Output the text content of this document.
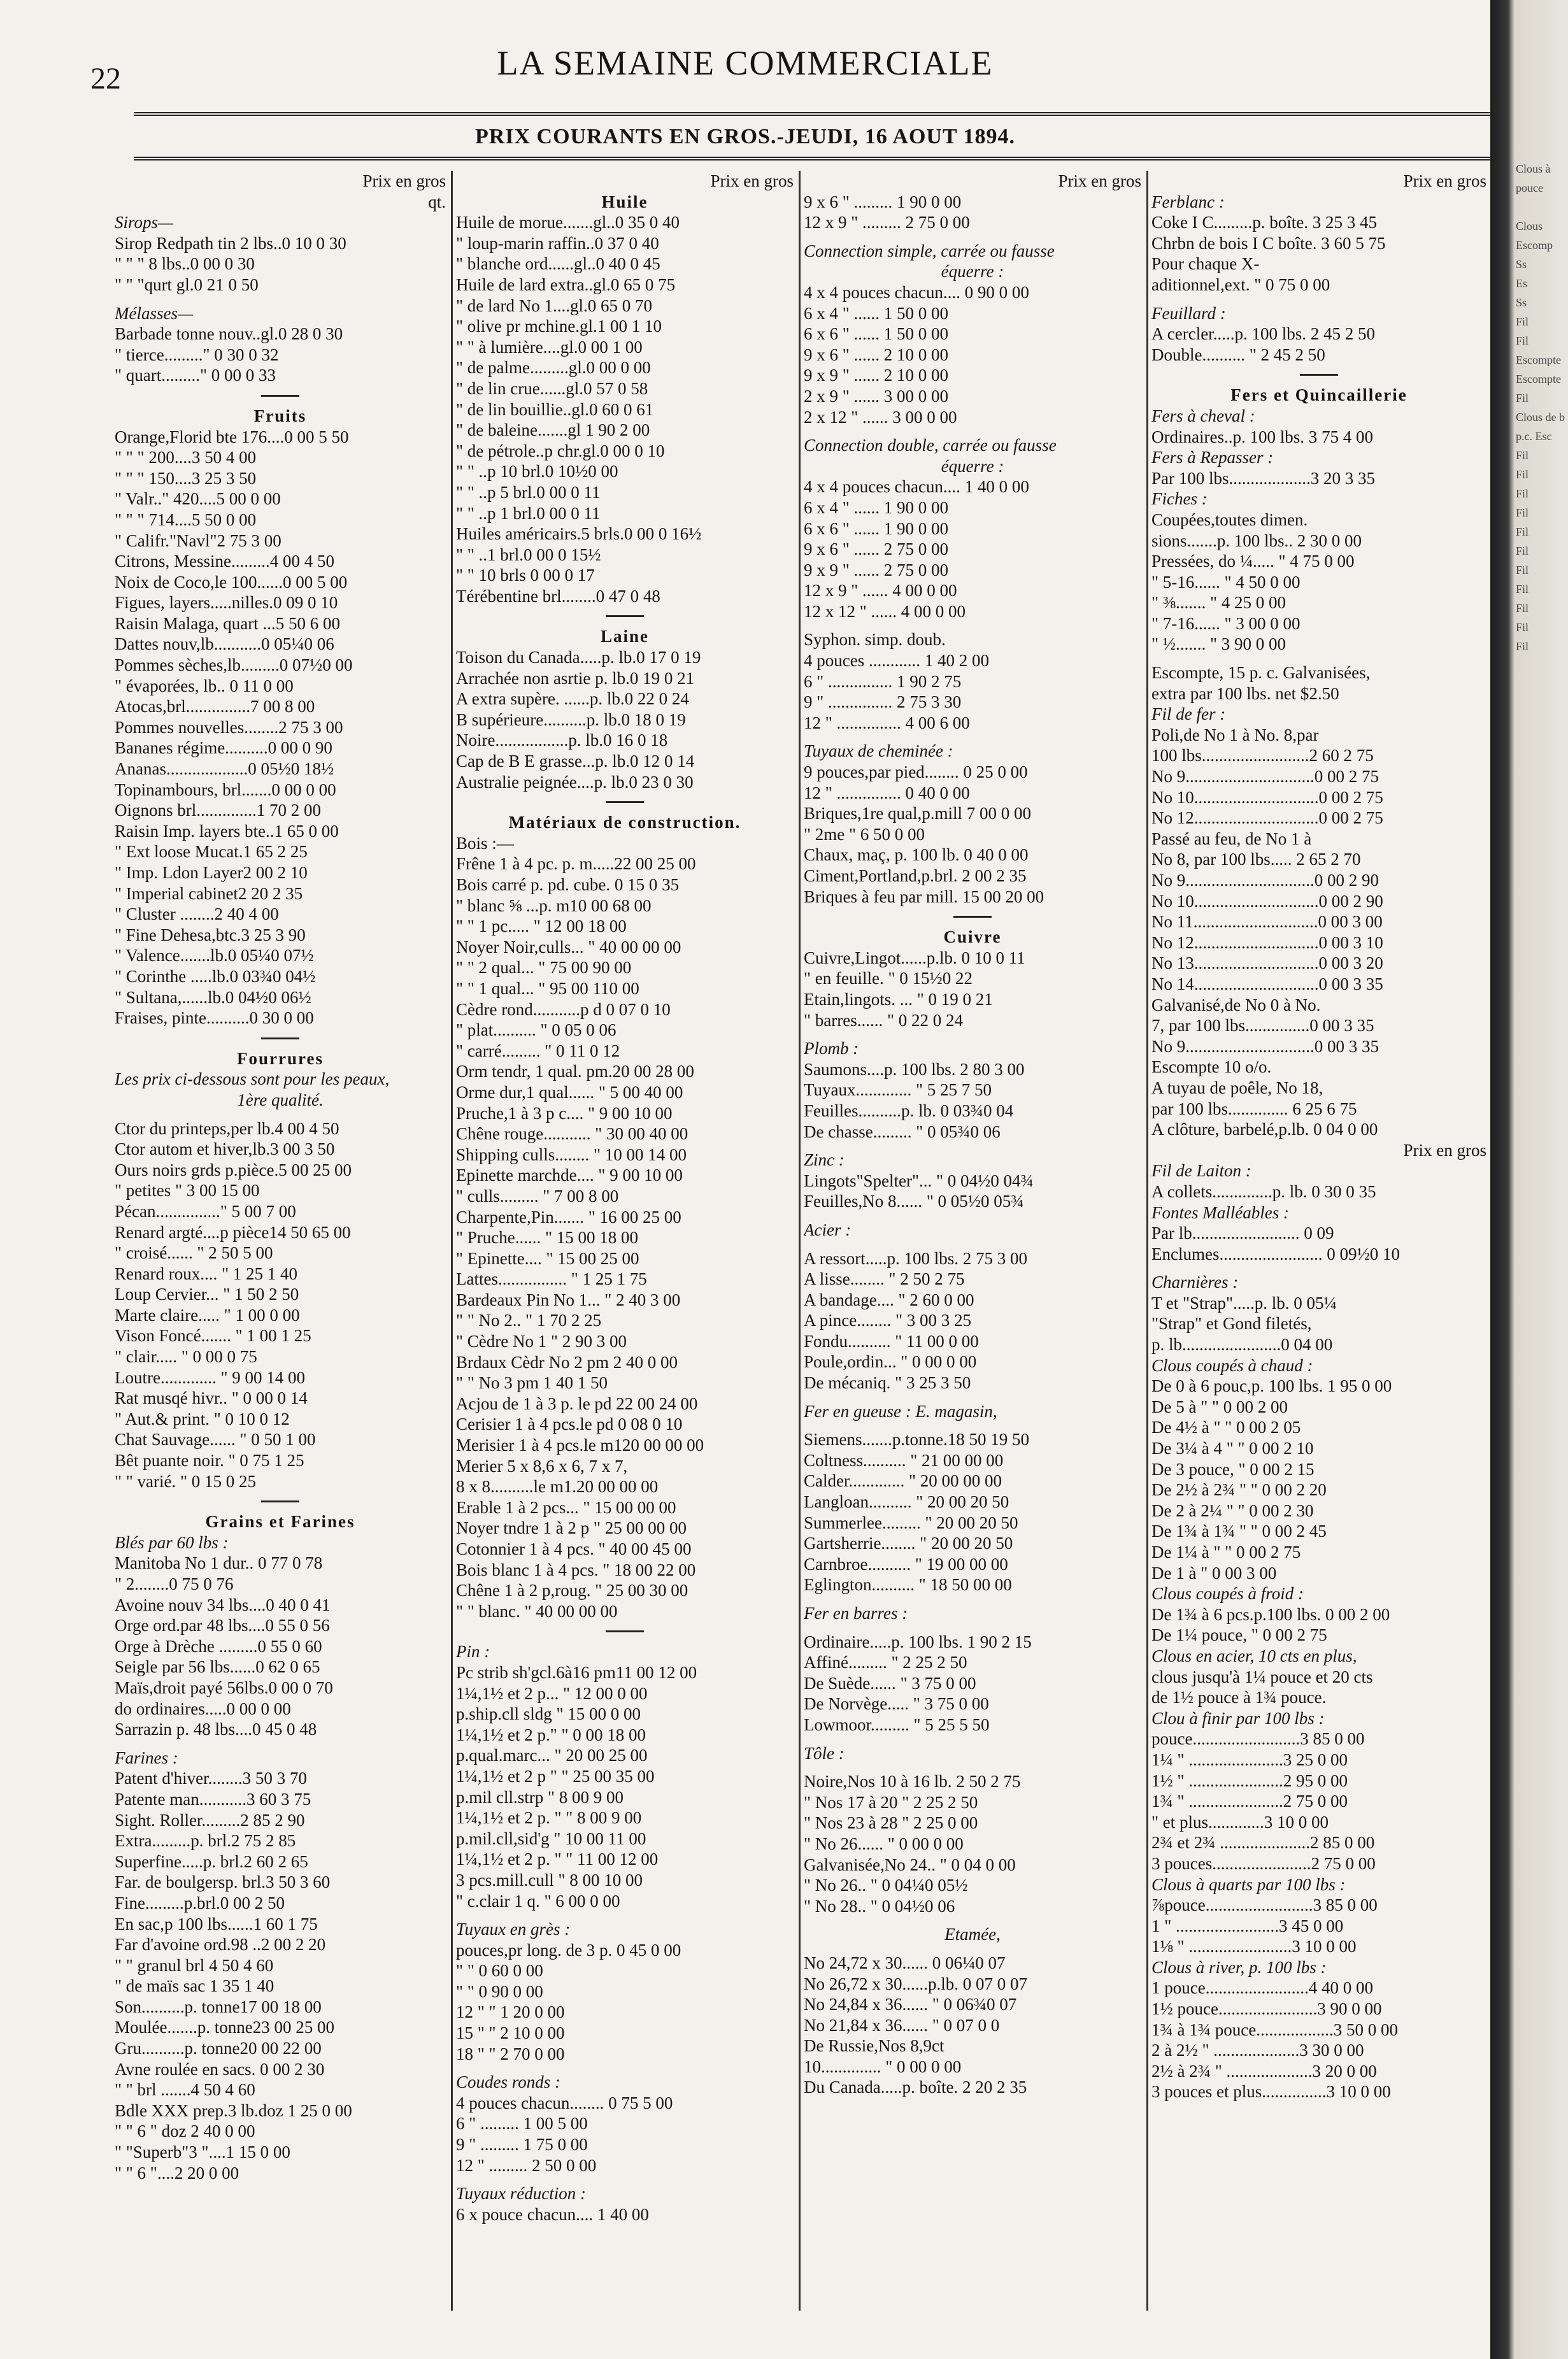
22	LA SEMAINE COMMERCIALE
PRIX COURANTS EN GROS.-JEUDI, 16 AOUT 1894.
Prix en gros
qt.
Sirops—
Sirop Redpath tin 2 lbs..0 10 0 30
" " " 8 lbs..0 00 0 30
" " "qurt gl.0 21 0 50
Mélasses—
Barbade tonne nouv..gl.0 28 0 30
" tierce........." 0 30 0 32
" quart........." 0 00 0 33
Fruits
Orange,Florid bte 176....0 00 5 50
" " " 200....3 50 4 00
" " " 150....3 25 3 50
" Valr.." 420....5 00 0 00
" " " 714....5 50 0 00
" Califr."Navl"2 75 3 00
Citrons, Messine.........4 00 4 50
Noix de Coco,le 100......0 00 5 00
Figues, layers.....nilles.0 09 0 10
Raisin Malaga, quart ...5 50 6 00
Dattes nouv,lb...........0 05¼0 06
Pommes sèches,lb.........0 07½0 00
" évaporées, lb.. 0 11 0 00
Atocas,brl...............7 00 8 00
Pommes nouvelles........2 75 3 00
Bananes régime..........0 00 0 90
Ananas...................0 05½0 18½
Topinambours, brl.......0 00 0 00
Oignons brl..............1 70 2 00
Raisin Imp. layers bte..1 65 0 00
" Ext loose Mucat.1 65 2 25
" Imp. Ldon Layer2 00 2 10
" Imperial cabinet2 20 2 35
" Cluster ........2 40 4 00
" Fine Dehesa,btc.3 25 3 90
" Valence.......lb.0 05¼0 07½
" Corinthe .....lb.0 03¾0 04½
" Sultana,......lb.0 04½0 06½
Fraises, pinte..........0 30 0 00
Fourrures
Les prix ci-dessous sont pour les peaux,
1ère qualité.
Ctor du printeps,per lb.4 00 4 50
Ctor autom et hiver,lb.3 00 3 50
Ours noirs grds p.pièce.5 00 25 00
" petites " 3 00 15 00
Pécan..............." 5 00 7 00
Renard argté....p pièce14 50 65 00
" croisé...... " 2 50 5 00
Renard roux.... " 1 25 1 40
Loup Cervier... " 1 50 2 50
Marte claire..... " 1 00 0 00
Vison Foncé....... " 1 00 1 25
" clair..... " 0 00 0 75
Loutre............. " 9 00 14 00
Rat musqé hivr.. " 0 00 0 14
" Aut.& print. " 0 10 0 12
Chat Sauvage...... " 0 50 1 00
Bêt puante noir. " 0 75 1 25
" " varié. " 0 15 0 25
Grains et Farines
Blés par 60 lbs :
Manitoba No 1 dur.. 0 77 0 78
" 2........0 75 0 76
Avoine nouv 34 lbs....0 40 0 41
Orge ord.par 48 lbs....0 55 0 56
Orge à Drèche .........0 55 0 60
Seigle par 56 lbs......0 62 0 65
Maïs,droit payé 56lbs.0 00 0 70
do ordinaires.....0 00 0 00
Sarrazin p. 48 lbs....0 45 0 48
Farines :
Patent d'hiver........3 50 3 70
Patente man...........3 60 3 75
Sight. Roller.........2 85 2 90
Extra.........p. brl.2 75 2 85
Superfine.....p. brl.2 60 2 65
Far. de boulgersp. brl.3 50 3 60
Fine.........p.brl.0 00 2 50
En sac,p 100 lbs......1 60 1 75
Far d'avoine ord.98 ..2 00 2 20
" " granul brl 4 50 4 60
" de maïs sac 1 35 1 40
Son..........p. tonne17 00 18 00
Moulée.......p. tonne23 00 25 00
Gru..........p. tonne20 00 22 00
Avne roulée en sacs. 0 00 2 30
" " brl .......4 50 4 60
Bdle XXX prep.3 lb.doz 1 25 0 00
" " 6 " doz 2 40 0 00
" "Superb"3 "....1 15 0 00
" " 6 "....2 20 0 00
Prix en gros
Huile
Huile de morue.......gl..0 35 0 40
" loup-marin raffin..0 37 0 40
" blanche ord......gl..0 40 0 45
Huile de lard extra..gl.0 65 0 75
" de lard No 1....gl.0 65 0 70
" olive pr mchine.gl.1 00 1 10
" " à lumière....gl.0 00 1 00
" de palme.........gl.0 00 0 00
" de lin crue......gl.0 57 0 58
" de lin bouillie..gl.0 60 0 61
" de baleine.......gl 1 90 2 00
" de pétrole..p chr.gl.0 00 0 10
" " ..p 10 brl.0 10½0 00
" " ..p 5 brl.0 00 0 11
" " ..p 1 brl.0 00 0 11
Huiles américairs.5 brls.0 00 0 16½
" " ..1 brl.0 00 0 15½
" " 10 brls 0 00 0 17
Térébentine brl........0 47 0 48
Laine
Toison du Canada.....p. lb.0 17 0 19
Arrachée non asrtie p. lb.0 19 0 21
A extra supère. ......p. lb.0 22 0 24
B supérieure..........p. lb.0 18 0 19
Noire.................p. lb.0 16 0 18
Cap de B E grasse...p. lb.0 12 0 14
Australie peignée....p. lb.0 23 0 30
Matériaux de construction.
Bois :—
Frêne 1 à 4 pc. p. m.....22 00 25 00
Bois carré p. pd. cube. 0 15 0 35
" blanc ⅝ ...p. m10 00 68 00
" " 1 pc..... " 12 00 18 00
Noyer Noir,culls... " 40 00 00 00
" " 2 qual... " 75 00 90 00
" " 1 qual... " 95 00 110 00
Cèdre rond...........p d 0 07 0 10
" plat.......... " 0 05 0 06
" carré......... " 0 11 0 12
Orm tendr, 1 qual. pm.20 00 28 00
Orme dur,1 qual...... " 5 00 40 00
Pruche,1 à 3 p c.... " 9 00 10 00
Chêne rouge........... " 30 00 40 00
Shipping culls........ " 10 00 14 00
Epinette marchde.... " 9 00 10 00
" culls......... " 7 00 8 00
Charpente,Pin....... " 16 00 25 00
" Pruche...... " 15 00 18 00
" Epinette.... " 15 00 25 00
Lattes................ " 1 25 1 75
Bardeaux Pin No 1... " 2 40 3 00
" " No 2.. " 1 70 2 25
" Cèdre No 1 " 2 90 3 00
Brdaux Cèdr No 2 pm 2 40 0 00
" " No 3 pm 1 40 1 50
Acjou de 1 à 3 p. le pd 22 00 24 00
Cerisier 1 à 4 pcs.le pd 0 08 0 10
Merisier 1 à 4 pcs.le m120 00 00 00
Merier 5 x 8,6 x 6, 7 x 7,
8 x 8..........le m1.20 00 00 00
Erable 1 à 2 pcs... " 15 00 00 00
Noyer tndre 1 à 2 p " 25 00 00 00
Cotonnier 1 à 4 pcs. " 40 00 45 00
Bois blanc 1 à 4 pcs. " 18 00 22 00
Chêne 1 à 2 p,roug. " 25 00 30 00
" " blanc. " 40 00 00 00
Pin :
Pc strib sh'gcl.6à16 pm11 00 12 00
1¼,1½ et 2 p... " 12 00 0 00
p.ship.cll sldg " 15 00 0 00
1¼,1½ et 2 p." " 0 00 18 00
p.qual.marc... " 20 00 25 00
1¼,1½ et 2 p " " 25 00 35 00
p.mil cll.strp " 8 00 9 00
1¼,1½ et 2 p. " " 8 00 9 00
p.mil.cll,sid'g " 10 00 11 00
1¼,1½ et 2 p. " " 11 00 12 00
3 pcs.mill.cull " 8 00 10 00
" c.clair 1 q. " 6 00 0 00
Tuyaux en grès :
pouces,pr long. de 3 p. 0 45 0 00
" " 0 60 0 00
" " 0 90 0 00
12 " " 1 20 0 00
15 " " 2 10 0 00
18 " " 2 70 0 00
Coudes ronds :
4 pouces chacun........ 0 75 5 00
6 " ......... 1 00 5 00
9 " ......... 1 75 0 00
12 " ......... 2 50 0 00
Tuyaux réduction :
6 x pouce chacun.... 1 40 00
Prix en gros
9 x 6 " ......... 1 90 0 00
12 x 9 " ......... 2 75 0 00
Connection simple, carrée ou fausse
équerre :
4 x 4 pouces chacun.... 0 90 0 00
6 x 4 " ...... 1 50 0 00
6 x 6 " ...... 1 50 0 00
9 x 6 " ...... 2 10 0 00
9 x 9 " ...... 2 10 0 00
2 x 9 " ...... 3 00 0 00
2 x 12 " ...... 3 00 0 00
Connection double, carrée ou fausse
équerre :
4 x 4 pouces chacun.... 1 40 0 00
6 x 4 " ...... 1 90 0 00
6 x 6 " ...... 1 90 0 00
9 x 6 " ...... 2 75 0 00
9 x 9 " ...... 2 75 0 00
12 x 9 " ...... 4 00 0 00
12 x 12 " ...... 4 00 0 00
Syphon. simp. doub.
4 pouces ............ 1 40 2 00
6 " ............... 1 90 2 75
9 " ............... 2 75 3 30
12 " ............... 4 00 6 00
Tuyaux de cheminée :
9 pouces,par pied........ 0 25 0 00
12 " ............... 0 40 0 00
Briques,1re qual,p.mill 7 00 0 00
" 2me " 6 50 0 00
Chaux, maç, p. 100 lb. 0 40 0 00
Ciment,Portland,p.brl. 2 00 2 35
Briques à feu par mill. 15 00 20 00
Cuivre
Cuivre,Lingot......p.lb. 0 10 0 11
" en feuille. " 0 15½0 22
Etain,lingots. ... " 0 19 0 21
" barres...... " 0 22 0 24
Plomb :
Saumons....p. 100 lbs. 2 80 3 00
Tuyaux............. " 5 25 7 50
Feuilles..........p. lb. 0 03¾0 04
De chasse......... " 0 05¾0 06
Zinc :
Lingots"Spelter"... " 0 04½0 04¾
Feuilles,No 8...... " 0 05½0 05¾
Acier :
A ressort.....p. 100 lbs. 2 75 3 00
A lisse........ " 2 50 2 75
A bandage.... " 2 60 0 00
A pince........ " 3 00 3 25
Fondu.......... " 11 00 0 00
Poule,ordin... " 0 00 0 00
De mécaniq. " 3 25 3 50
Fer en gueuse : E. magasin,
Siemens.......p.tonne.18 50 19 50
Coltness.......... " 21 00 00 00
Calder............. " 20 00 00 00
Langloan.......... " 20 00 20 50
Summerlee......... " 20 00 20 50
Gartsherrie........ " 20 00 20 50
Carnbroe.......... " 19 00 00 00
Eglington.......... " 18 50 00 00
Fer en barres :
Ordinaire.....p. 100 lbs. 1 90 2 15
Affiné......... " 2 25 2 50
De Suède...... " 3 75 0 00
De Norvège..... " 3 75 0 00
Lowmoor......... " 5 25 5 50
Tôle :
Noire,Nos 10 à 16 lb. 2 50 2 75
" Nos 17 à 20 " 2 25 2 50
" Nos 23 à 28 " 2 25 0 00
" No 26...... " 0 00 0 00
Galvanisée,No 24.. " 0 04 0 00
" No 26.. " 0 04¼0 05½
" No 28.. " 0 04½0 06
Etamée,
No 24,72 x 30...... 0 06¼0 07
No 26,72 x 30......p.lb. 0 07 0 07
No 24,84 x 36...... " 0 06¾0 07
No 21,84 x 36...... " 0 07 0 0
De Russie,Nos 8,9ct
10.............. " 0 00 0 00
Du Canada.....p. boîte. 2 20 2 35
Prix en gros
Ferblanc :
Coke I C.........p. boîte. 3 25 3 45
Chrbn de bois I C boîte. 3 60 5 75
Pour chaque X-
aditionnel,ext. " 0 75 0 00
Feuillard :
A cercler.....p. 100 lbs. 2 45 2 50
Double.......... " 2 45 2 50
Fers et Quincaillerie
Fers à cheval :
Ordinaires..p. 100 lbs. 3 75 4 00
Fers à Repasser :
Par 100 lbs...................3 20 3 35
Fiches :
Coupées,toutes dimen.
sions.......p. 100 lbs.. 2 30 0 00
Pressées, do ¼..... " 4 75 0 00
" 5-16...... " 4 50 0 00
" ⅜....... " 4 25 0 00
" 7-16...... " 3 00 0 00
" ½....... " 3 90 0 00
Escompte, 15 p. c. Galvanisées,
extra par 100 lbs. net $2.50
Fil de fer :
Poli,de No 1 à No. 8,par
100 lbs.........................2 60 2 75
No 9..............................0 00 2 75
No 10.............................0 00 2 75
No 12.............................0 00 2 75
Passé au feu, de No 1 à
No 8, par 100 lbs..... 2 65 2 70
No 9..............................0 00 2 90
No 10.............................0 00 2 90
No 11.............................0 00 3 00
No 12.............................0 00 3 10
No 13.............................0 00 3 20
No 14.............................0 00 3 35
Galvanisé,de No 0 à No.
7, par 100 lbs...............0 00 3 35
No 9..............................0 00 3 35
Escompte 10 o/o.
A tuyau de poêle, No 18,
par 100 lbs.............. 6 25 6 75
A clôture, barbelé,p.lb. 0 04 0 00
Prix en gros
Fil de Laiton :
A collets..............p. lb. 0 30 0 35
Fontes Malléables :
Par lb......................... 0 09
Enclumes........................ 0 09½0 10
Charnières :
T et "Strap".....p. lb. 0 05¼
"Strap" et Gond filetés,
p. lb.......................0 04 00
Clous coupés à chaud :
De 0 à 6 pouc,p. 100 lbs. 1 95 0 00
De 5 à " " 0 00 2 00
De 4½ à " " 0 00 2 05
De 3¼ à 4 " " 0 00 2 10
De 3 pouce, " 0 00 2 15
De 2½ à 2¾ " " 0 00 2 20
De 2 à 2¼ " " 0 00 2 30
De 1¾ à 1¾ " " 0 00 2 45
De 1¼ à " " 0 00 2 75
De 1 à " 0 00 3 00
Clous coupés à froid :
De 1¾ à 6 pcs.p.100 lbs. 0 00 2 00
De 1¼ pouce, " 0 00 2 75
Clous en acier, 10 cts en plus,
clous jusqu'à 1¼ pouce et 20 cts
de 1½ pouce à 1¾ pouce.
Clou à finir par 100 lbs :
pouce.........................3 85 0 00
1¼ " ......................3 25 0 00
1½ " ......................2 95 0 00
1¾ " ......................2 75 0 00
" et plus.............3 10 0 00
2¾ et 2¾ .....................2 85 0 00
3 pouces.......................2 75 0 00
Clous à quarts par 100 lbs :
⅞pouce.........................3 85 0 00
1 " ........................3 45 0 00
1⅛ " ........................3 10 0 00
Clous à river, p. 100 lbs :
1 pouce........................4 40 0 00
1½ pouce.......................3 90 0 00
1¾ à 1¾ pouce..................3 50 0 00
2 à 2½ " ....................3 30 0 00
2½ à 2¾ " ....................3 20 0 00
3 pouces et plus...............3 10 0 00
Clous à
pouce

Clous
Escomp
Ss
Es
Ss
Fil
Fil
Escompte
Escompte
Fil
Clous de b
p.c. Esc
Fil
Fil
Fil
Fil
Fil
Fil
Fil
Fil
Fil
Fil
Fil
